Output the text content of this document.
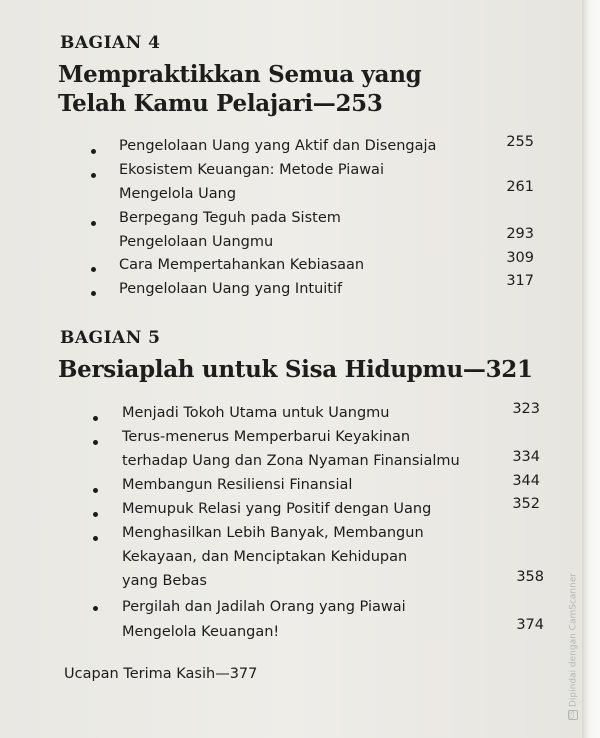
BAGIAN 4
Mempraktikkan Semua yang
Telah Kamu Pelajari—253
Pengelolaan Uang yang Aktif dan Disengaja	255
Ekosistem Keuangan: Metode Piawai
Mengelola Uang	261
Berpegang Teguh pada Sistem
Pengelolaan Uangmu	293
Cara Mempertahankan Kebiasaan	309
Pengelolaan Uang yang Intuitif	317
BAGIAN 5
Bersiaplah untuk Sisa Hidupmu—321
Menjadi Tokoh Utama untuk Uangmu	323
Terus-menerus Memperbarui Keyakinan
terhadap Uang dan Zona Nyaman Finansialmu	334
Membangun Resiliensi Finansial	344
Memupuk Relasi yang Positif dengan Uang	352
Menghasilkan Lebih Banyak, Membangun
Kekayaan, dan Menciptakan Kehidupan
yang Bebas	358
Pergilah dan Jadilah Orang yang Piawai
Mengelola Keuangan!	374
Ucapan Terima Kasih—377
CSDipindai dengan CamScanner
